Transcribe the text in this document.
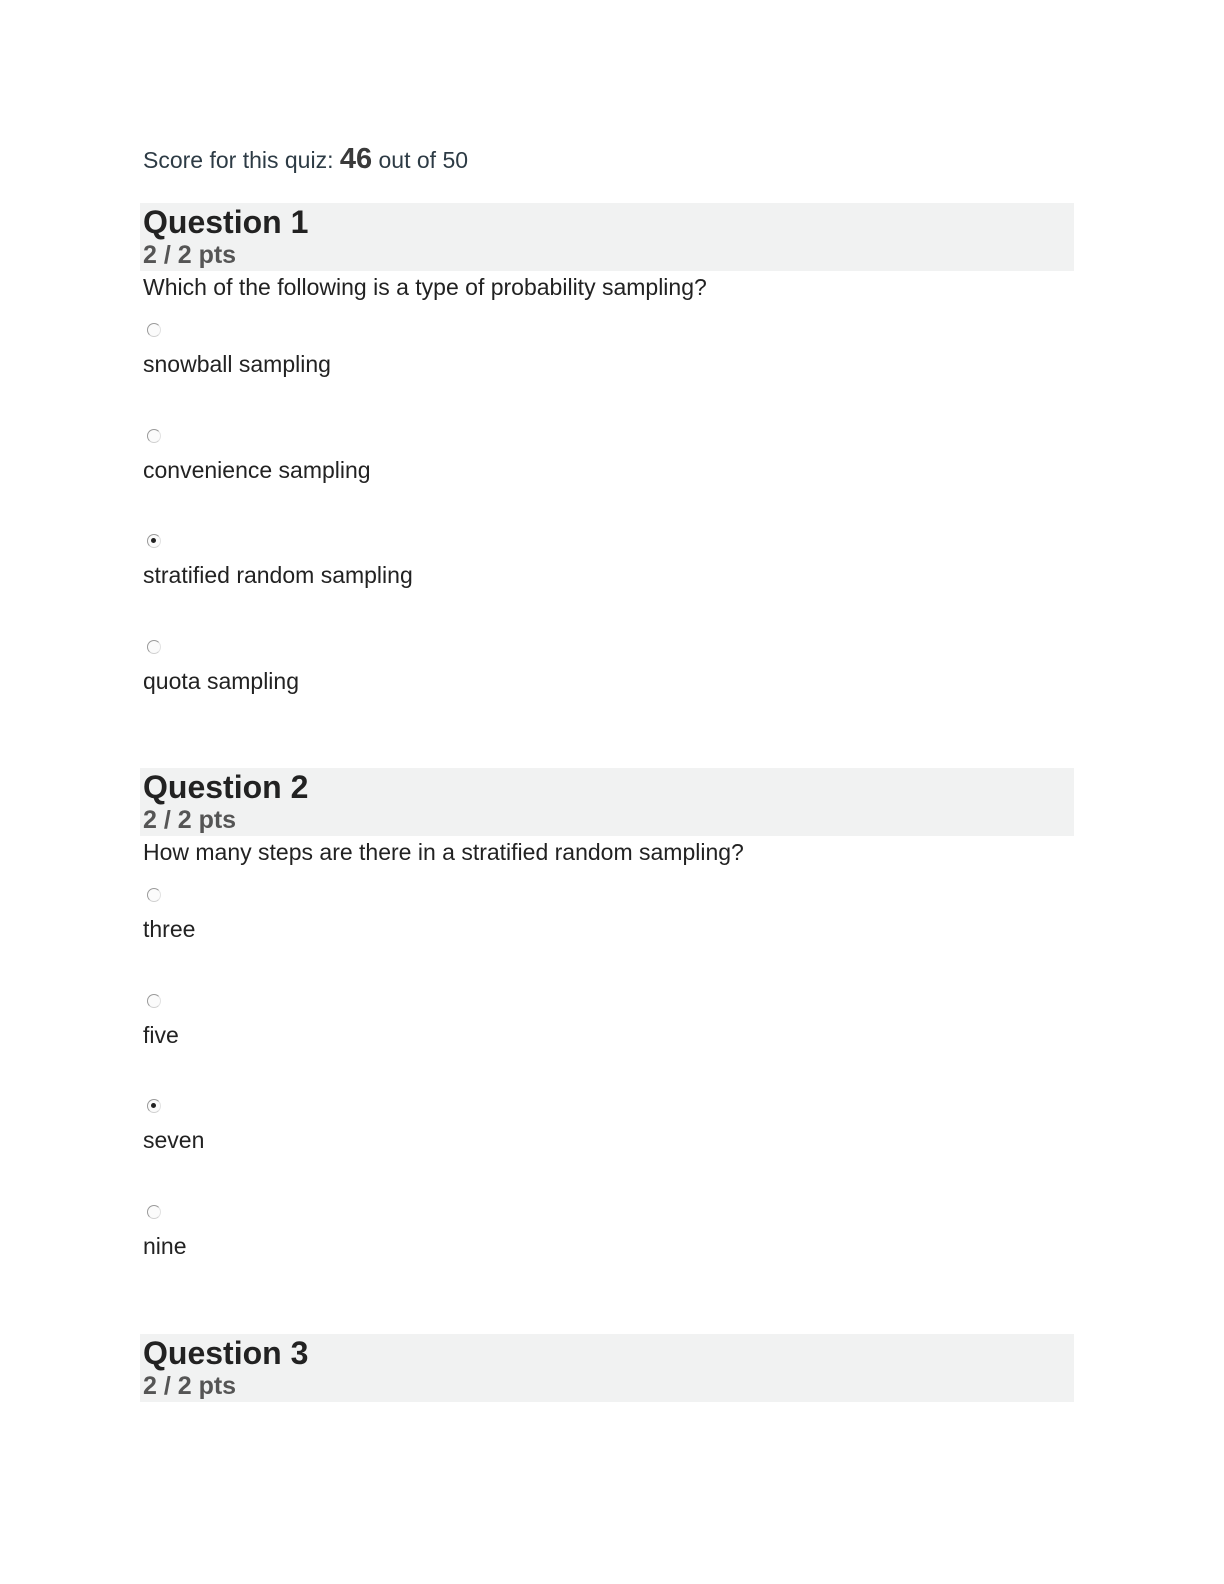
Score for this quiz: 46 out of 50
Question 1
2 / 2 pts
Which of the following is a type of probability sampling?
snowball sampling
convenience sampling
stratified random sampling
quota sampling
Question 2
2 / 2 pts
How many steps are there in a stratified random sampling?
three
five
seven
nine
Question 3
2 / 2 pts
